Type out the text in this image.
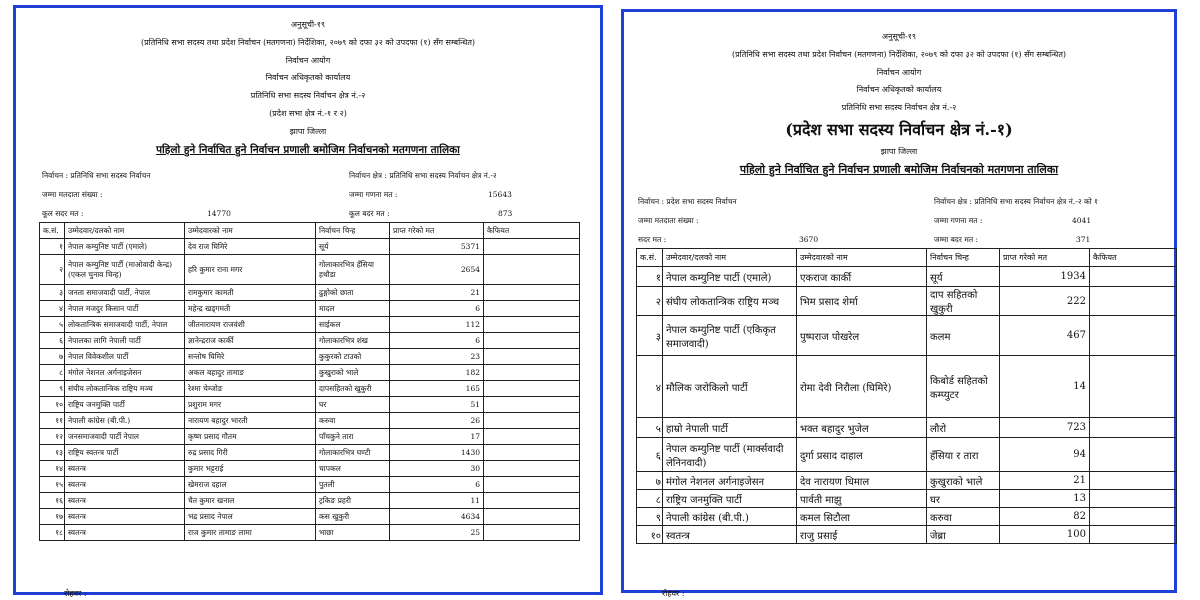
अनुसूची-१९
(प्रतिनिधि सभा सदस्य तथा प्रदेश निर्वाचन (मतगणना) निर्देशिका, २०७९ को दफा ३२ को उपदफा (१) सँग सम्बन्धित)
निर्वाचन आयोग
निर्वाचन अधिकृतको कार्यालय
प्रतिनिधि सभा सदस्य निर्वाचन क्षेत्र नं.-२
(प्रदेश सभा क्षेत्र नं.-१ र २)
झापा जिल्ला
पहिलो हुने निर्वाचित हुने निर्वाचन प्रणाली बमोजिम निर्वाचनको मतगणना तालिका
निर्वाचन : प्रतिनिधि सभा सदस्य निर्वाचन	निर्वाचन क्षेत्र : प्रतिनिधि सभा सदस्य निर्वाचन क्षेत्र नं.-२
जम्मा मतदाता संख्या :	जम्मा गणना मत :	15643
कूल सदर मत :	14770	कूल बदर मत :	873
क.सं.	उम्मेदवार/दलको नाम	उम्मेदवारको नाम	निर्वाचन चिन्ह	प्राप्त गरेको मत	कैफियत
१	नेपाल कम्युनिष्ट पार्टी (एमाले)	देव राज घिमिरे	सूर्य	5371	
२	नेपाल कम्युनिष्ट पार्टी (माओवादी केन्द्र)(एकल चुनाव चिन्ह)	हरि कुमार राना मगर	गोलाकारभित्र हँसिया हथौडा	2654	
३	जनता समाजवादी पार्टी, नेपाल	रामकुमार कामती	ढुङ्गोको छाता	21	
४	नेपाल मजदुर किसान पार्टी	महेन्द्र खड्‌गमती	मादल	6	
५	लोकतान्त्रिक समाजवादी पार्टी, नेपाल	जीतनारायण राजवंशी	साईकल	112	
६	नेपालका लागि नेपाली पार्टी	ज्ञानेन्द्रराज कार्की	गोलाकारभित्र शंख	6	
७	नेपाल विवेकशील पार्टी	सन्तोष घिमिरे	कुकुरको टाउको	23	
८	मंगोल नेशनल अर्गनाइजेसन	अकल बहादुर तामाङ	कुखुराको भाले	182	
९	संघीय लोकतान्त्रिक राष्ट्रिय मञ्च	रेश्मा चेम्जोङ	दापसहितको खुकुरी	165	
१०	राष्ट्रिय जनमुक्ति पार्टी	प्रशुराम मगर	घर	51	
११	नेपाली कांग्रेस (बी.पी.)	नारायण बहादुर भारती	करुवा	26	
१२	जनसमाजवादी पार्टी नेपाल	कृष्ण प्रसाद गौतम	पाँचकुने तारा	17	
१३	राष्ट्रिय स्वतन्त्र पार्टी	रुद्र प्रसाद गिरी	गोलाकारभित्र घण्टी	1430	
१४	स्वतन्त्र	कुमार भट्टराई	चापकल	30	
१५	स्वतन्त्र	खेमराज दहाल	पुतली	6	
१६	स्वतन्त्र	चैत कुमार खनाल	ट्रकिङ प्रहरी	11	
१७	स्वतन्त्र	भद्र प्रसाद नेपाल	कस खुकुरी	4634	
१८	स्वतन्त्र	राज कुमार तामाङ लामा	भाछा	25	
रोहवर :
अनुसूची-१९
(प्रतिनिधि सभा सदस्य तथा प्रदेश निर्वाचन (मतगणना) निर्देशिका, २०७९ को दफा ३२ को उपदफा (१) सँग सम्बन्धित)
निर्वाचन आयोग
निर्वाचन अधिकृतको कार्यालय
प्रतिनिधि सभा सदस्य निर्वाचन क्षेत्र नं.-२
(प्रदेश सभा सदस्य निर्वाचन क्षेत्र नं.-१)
झापा जिल्ला
पहिलो हुने निर्वाचित हुने निर्वाचन प्रणाली बमोजिम निर्वाचनको मतगणना तालिका
निर्वाचन : प्रदेश सभा सदस्य निर्वाचन	निर्वाचन क्षेत्र : प्रतिनिधि सभा सदस्य निर्वाचन क्षेत्र नं.-२ को १
जम्मा मतदाता संख्या :	जम्मा गणना मत :	4041
सदर मत :	3670	जम्मा बदर मत :	371
क.सं.	उम्मेदवार/दलको नाम	उम्मेदवारको नाम	निर्वाचन चिन्ह	प्राप्त गरेको मत	कैफियत
१	नेपाल कम्युनिष्ट पार्टी (एमाले)	एकराज कार्की	सूर्य	1934	
२	संघीय लोकतान्त्रिक राष्ट्रिय मञ्च	भिम प्रसाद शेर्मा	दाप सहितको खुकुरी	222	
३	नेपाल कम्युनिष्ट पार्टी (एकिकृत समाजवादी)	पुष्पराज पोखरेल	कलम	467	
४	मौलिक जरोकिलो पार्टी	रोमा देवी निरौला (घिमिरे)	किबोर्ड सहितको कम्प्युटर	14	
५	हाम्रो नेपाली पार्टी	भक्त बहादुर भुजेल	लौरो	723	
६	नेपाल कम्युनिष्ट पार्टी (मार्क्सवादी लेनिनवादी)	दुर्गा प्रसाद दाहाल	हँसिया र तारा	94	
७	मंगोल नेशनल अर्गनाइजेसन	देव नारायण धिमाल	कुखुराको भाले	21	
८	राष्ट्रिय जनमुक्ति पार्टी	पार्वती माझु	घर	13	
९	नेपाली कांग्रेस (बी.पी.)	कमल सिटौला	करुवा	82	
१०	स्वतन्त्र	राजु प्रसाई	जेब्रा	100	
रोहवर :
